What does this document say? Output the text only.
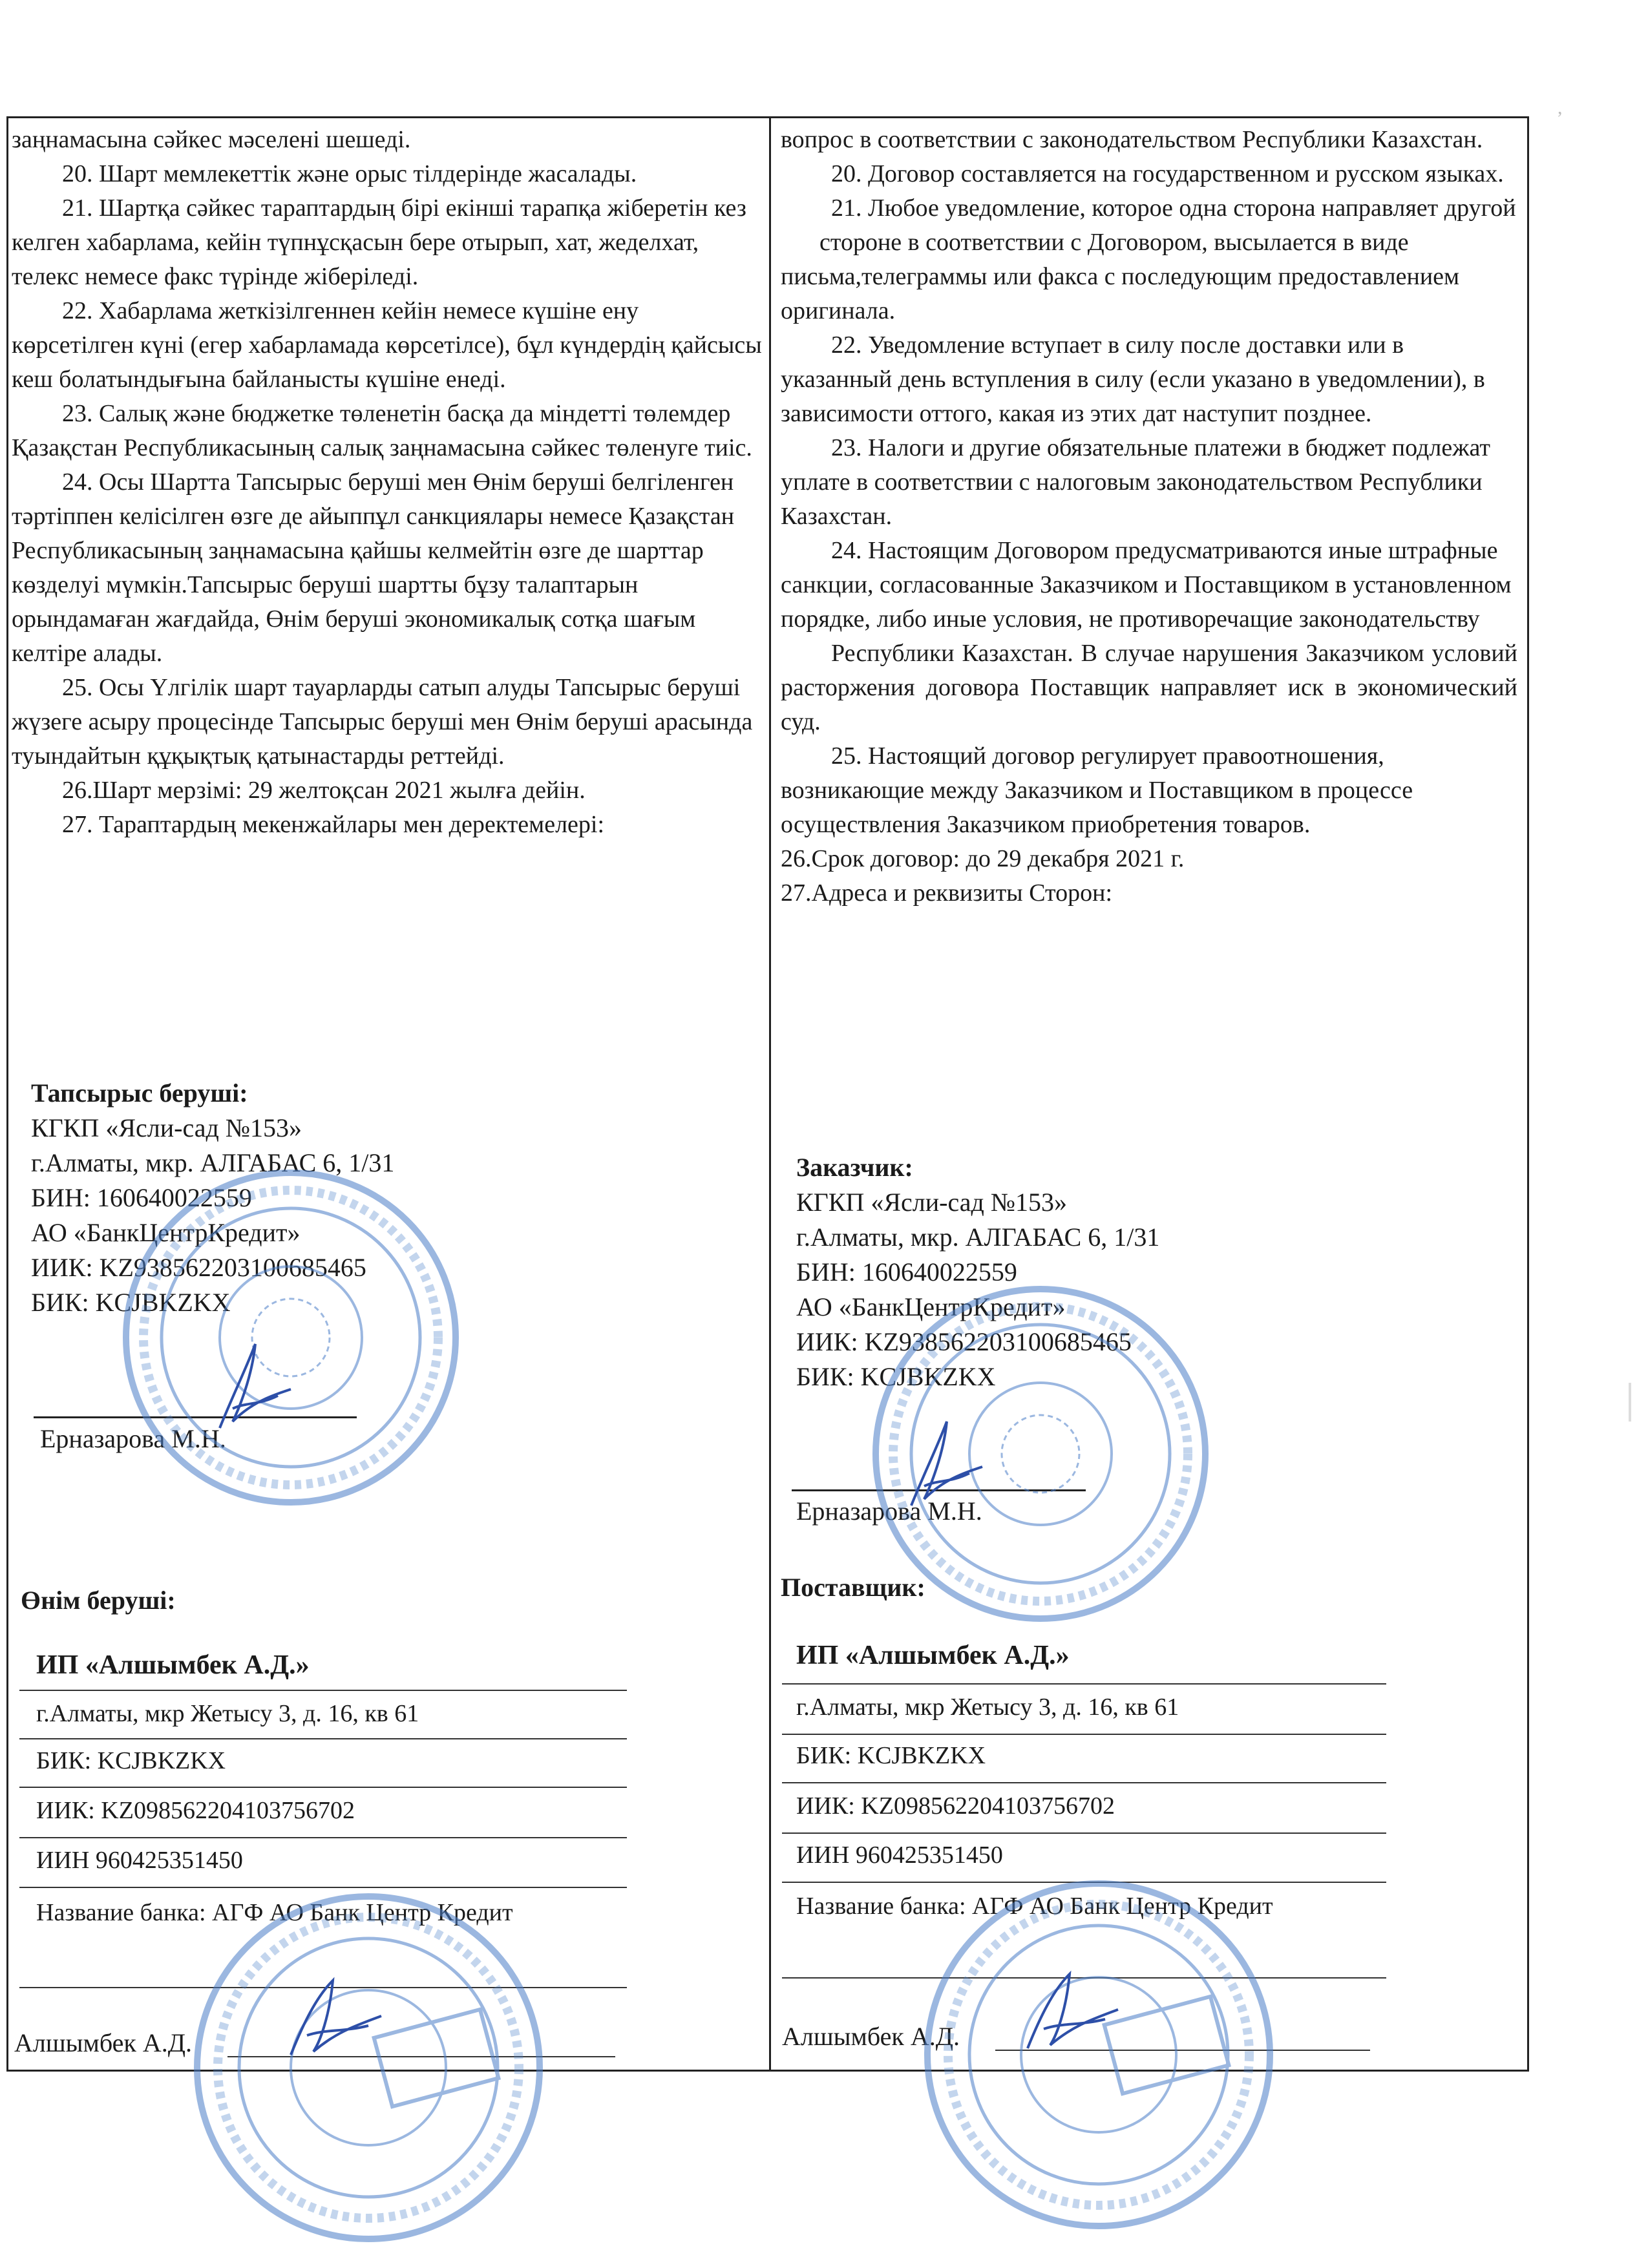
,

заңнамасына сәйкес мәселені шешеді.

20. Шарт мемлекеттік және орыс тілдерінде жасалады.

21. Шартқа сәйкес тараптардың бірі екінші тарапқа жіберетін кез келген хабарлама, кейін түпнұсқасын бере отырып, хат, жеделхат, телекс немесе факс түрінде жіберіледі.

22. Хабарлама жеткізілгеннен кейін немесе күшіне ену көрсетілген күні (егер хабарламада көрсетілсе), бұл күндердің қайсысы кеш болатындығына байланысты күшіне енеді.

23. Салық және бюджетке төленетін басқа да міндетті төлемдер Қазақстан Республикасының салық заңнамасына сәйкес төленуге тиіс.

24. Осы Шартта Тапсырыс беруші мен Өнім беруші белгіленген тәртіппен келісілген өзге де айыппұл санкциялары немесе Қазақстан Республикасының заңнамасына қайшы келмейтін өзге де шарттар көзделуі мүмкін.Тапсырыс беруші шартты бұзу талаптарын орындамаған жағдайда, Өнім беруші экономикалық сотқа шағым келтіре алады.

25. Осы Үлгілік шарт тауарларды сатып алуды Тапсырыс беруші жүзеге асыру процесінде Тапсырыс беруші мен Өнім беруші арасында туындайтын құқықтық қатынастарды реттейді.

26.Шарт мерзімі: 29 желтоқсан 2021 жылға дейін.

27. Тараптардың мекенжайлары мен деректемелері:

вопрос в соответствии с законодательством Республики Казахстан.

20. Договор составляется на государственном и русском языках.

21. Любое уведомление, которое одна сторона направляет другой

стороне в соответствии с Договором, высылается в виде письма,телеграммы или факса с последующим предоставлением оригинала.

22. Уведомление вступает в силу после доставки или в указанный день вступления в силу (если указано в уведомлении), в зависимости оттого, какая из этих дат наступит позднее.

23. Налоги и другие обязательные платежи в бюджет подлежат уплате в соответствии с налоговым законодательством Республики Казахстан.

24. Настоящим Договором предусматриваются иные штрафные санкции, согласованные Заказчиком и Поставщиком в установленном порядке, либо иные условия, не противоречащие законодательству

Республики Казахстан. В случае нарушения Заказчиком условий расторжения договора Поставщик направляет иск в экономический суд.

25. Настоящий договор регулирует правоотношения, возникающие между Заказчиком и Поставщиком в процессе осуществления Заказчиком приобретения товаров.

26.Срок договор: до 29 декабря 2021 г.

27.Адреса и реквизиты Сторон:

Тапсырыс беруші:
КГКП «Ясли-сад №153»
г.Алматы, мкр. АЛГАБАС 6, 1/31
БИН: 160640022559
АО «БанкЦентрКредит»
ИИК: KZ938562203100685465
БИК: KCJBKZKX
Ерназарова М.Н.
Заказчик:
КГКП «Ясли-сад №153»
г.Алматы, мкр. АЛГАБАС 6, 1/31
БИН: 160640022559
АО «БанкЦентрКредит»
ИИК: KZ938562203100685465
БИК: KCJBKZKX
Ерназарова М.Н.
Өнім беруші:
ИП «Алшымбек А.Д.»
г.Алматы, мкр Жетысу 3, д. 16, кв 61
БИК: KCJBKZKX
ИИК: KZ098562204103756702
ИИН 960425351450
Название банка: АГФ АО Банк Центр Кредит
Алшымбек А.Д.
Поставщик:
ИП «Алшымбек А.Д.»
г.Алматы, мкр Жетысу 3, д. 16, кв 61
БИК: KCJBKZKX
ИИК: KZ098562204103756702
ИИН 960425351450
Название банка: АГФ АО Банк Центр Кредит
Алшымбек А.Д.
